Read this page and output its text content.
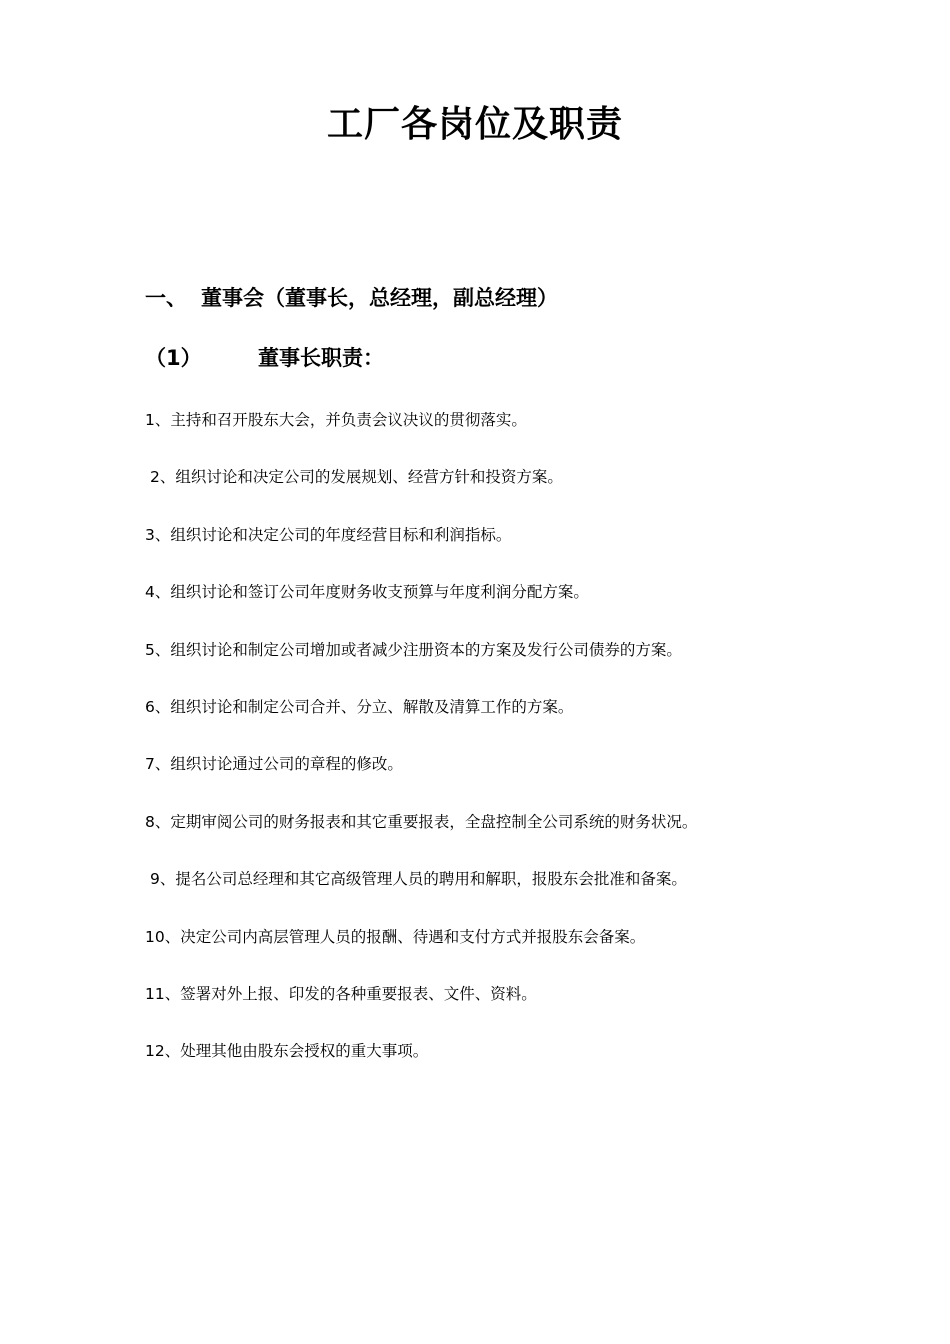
工厂各岗位及职责
一、 董事会（董事长，总经理，副总经理）
（1）	董事长职责：
1、主持和召开股东大会，并负责会议决议的贯彻落实。
2、组织讨论和决定公司的发展规划、经营方针和投资方案。
3、组织讨论和决定公司的年度经营目标和利润指标。
4、组织讨论和签订公司年度财务收支预算与年度利润分配方案。
5、组织讨论和制定公司增加或者减少注册资本的方案及发行公司债券的方案。
6、组织讨论和制定公司合并、分立、解散及清算工作的方案。
7、组织讨论通过公司的章程的修改。
8、定期审阅公司的财务报表和其它重要报表，全盘控制全公司系统的财务状况。
9、提名公司总经理和其它高级管理人员的聘用和解职，报股东会批准和备案。
10、决定公司内高层管理人员的报酬、待遇和支付方式并报股东会备案。
11、签署对外上报、印发的各种重要报表、文件、资料。
12、处理其他由股东会授权的重大事项。
